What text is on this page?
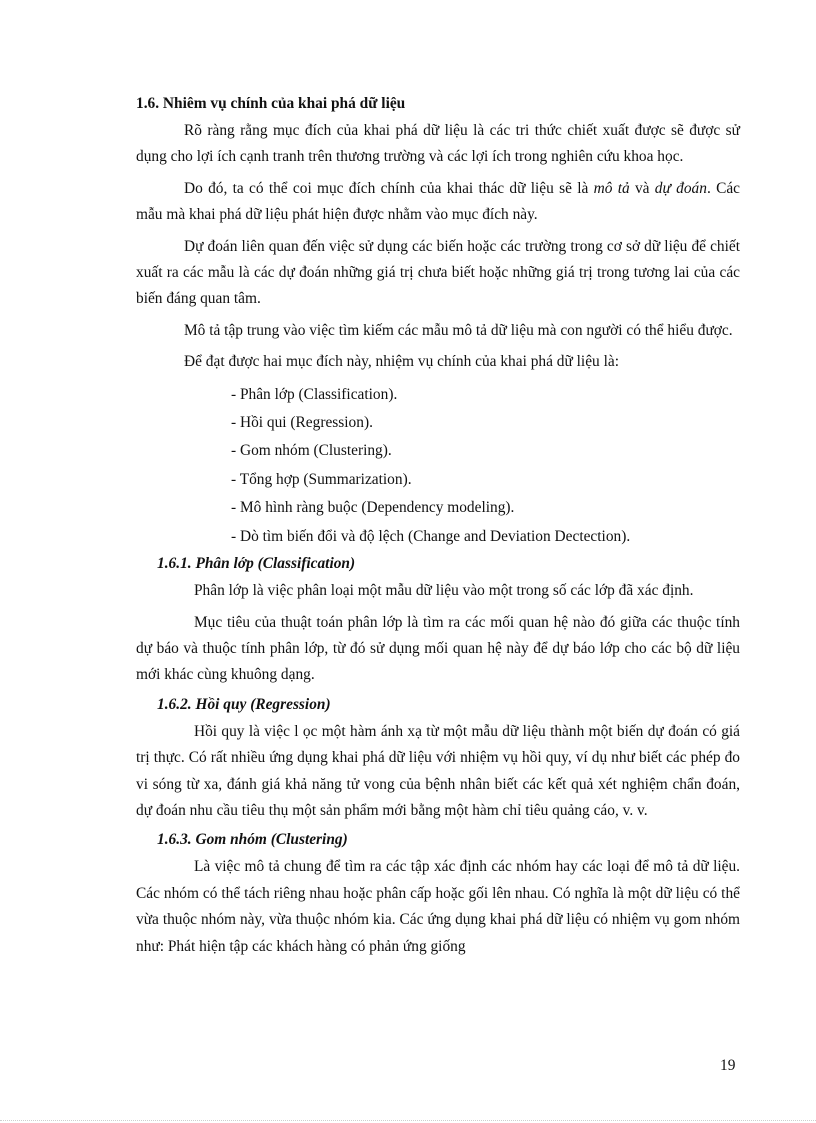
1.6. Nhiêm vụ chính của khai phá dữ liệu

Rõ ràng rằng mục đích của khai phá dữ liệu là các tri thức chiết xuất được sẽ được sử dụng cho lợi ích cạnh tranh trên thương trường và các lợi ích trong nghiên cứu khoa học.

Do đó, ta có thể coi mục đích chính của khai thác dữ liệu sẽ là mô tả và dự đoán. Các mẫu mà khai phá dữ liệu phát hiện được nhằm vào mục đích này.

Dự đoán liên quan đến việc sử dụng các biến hoặc các trường trong cơ sở dữ liệu để chiết xuất ra các mẫu là các dự đoán những giá trị chưa biết hoặc những giá trị trong tương lai của các biến đáng quan tâm.

Mô tả tập trung vào việc tìm kiếm các mẫu mô tả dữ liệu mà con người có thể hiểu được.

Để đạt được hai mục đích này, nhiệm vụ chính của khai phá dữ liệu là:

- Phân lớp (Classification).
- Hồi qui (Regression).
- Gom nhóm (Clustering).
- Tổng hợp (Summarization).
- Mô hình ràng buộc (Dependency modeling).
- Dò tìm biến đổi và độ lệch (Change and Deviation Dectection).
1.6.1. Phân lớp (Classification)

Phân lớp là việc phân loại một mẫu dữ liệu vào một trong số các lớp đã xác định.

Mục tiêu của thuật toán phân lớp là tìm ra các mối quan hệ nào đó giữa các thuộc tính dự báo và thuộc tính phân lớp, từ đó sử dụng mối quan hệ này để dự báo lớp cho các bộ dữ liệu mới khác cùng khuông dạng.

1.6.2. Hồi quy (Regression)

Hồi quy là việc l ọc một hàm ánh xạ từ một mẫu dữ liệu thành một biến dự đoán có giá trị thực. Có rất nhiều ứng dụng khai phá dữ liệu với nhiệm vụ hồi quy, ví dụ như biết các phép đo vi sóng từ xa, đánh giá khả năng tử vong của bệnh nhân biết các kết quả xét nghiệm chẩn đoán, dự đoán nhu cầu tiêu thụ một sản phẩm mới bằng một hàm chỉ tiêu quảng cáo, v. v.

1.6.3. Gom nhóm (Clustering)

Là việc mô tả chung để tìm ra các tập xác định các nhóm hay các loại để mô tả dữ liệu. Các nhóm có thể tách riêng nhau hoặc phân cấp hoặc gối lên nhau. Có nghĩa là một dữ liệu có thể vừa thuộc nhóm này, vừa thuộc nhóm kia. Các ứng dụng khai phá dữ liệu có nhiệm vụ gom nhóm như: Phát hiện tập các khách hàng có phản ứng giống

19
